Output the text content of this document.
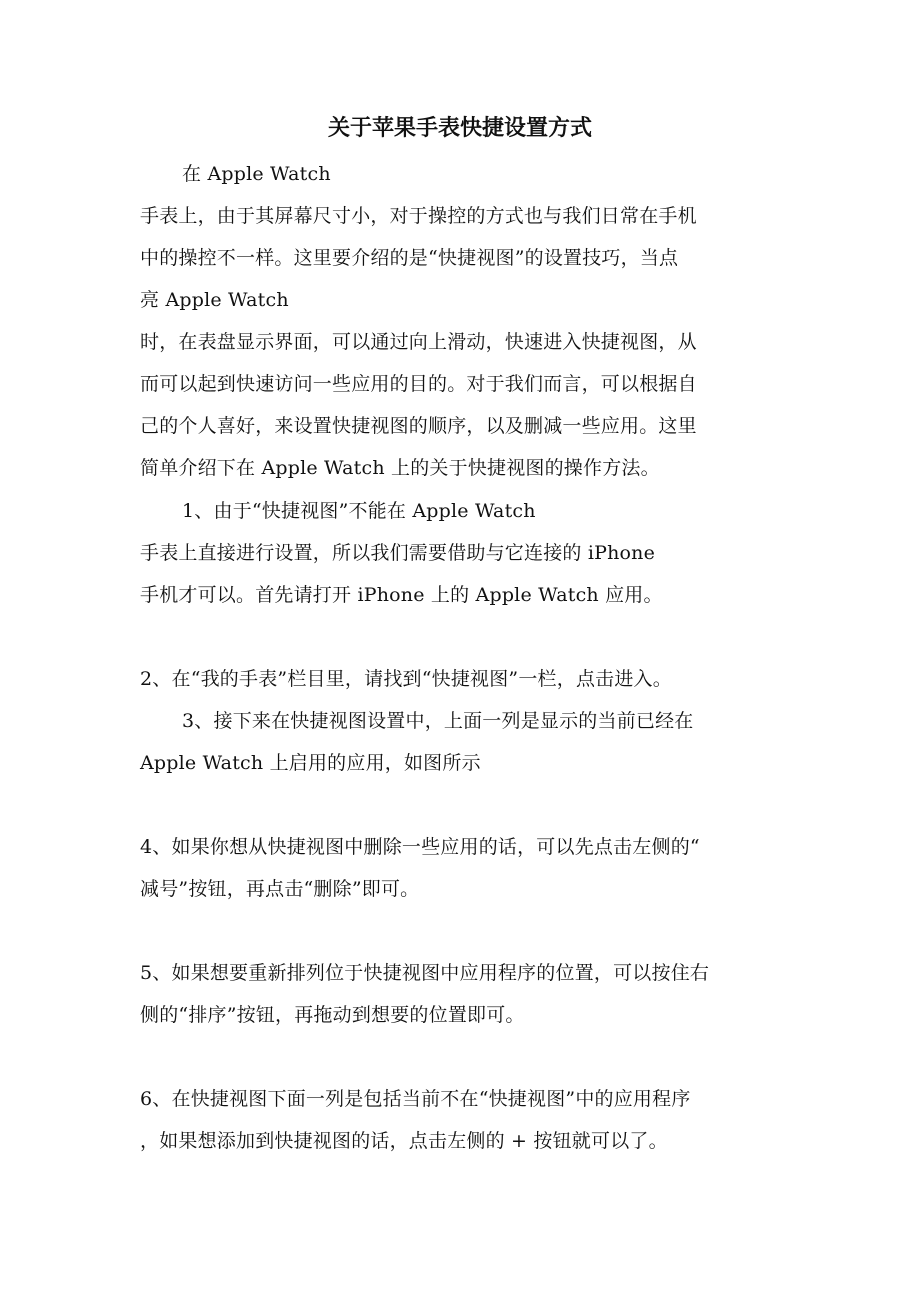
关于苹果手表快捷设置方式

在 Apple Watch

手表上，由于其屏幕尺寸小，对于操控的方式也与我们日常在手机

中的操控不一样。这里要介绍的是“快捷视图”的设置技巧，当点

亮 Apple Watch

时，在表盘显示界面，可以通过向上滑动，快速进入快捷视图，从

而可以起到快速访问一些应用的目的。对于我们而言，可以根据自

己的个人喜好，来设置快捷视图的顺序，以及删减一些应用。这里

简单介绍下在 Apple Watch 上的关于快捷视图的操作方法。

1、由于“快捷视图”不能在 Apple Watch

手表上直接进行设置，所以我们需要借助与它连接的 iPhone

手机才可以。首先请打开 iPhone 上的 Apple Watch 应用。

2、在“我的手表”栏目里，请找到“快捷视图”一栏，点击进入。

3、接下来在快捷视图设置中，上面一列是显示的当前已经在

Apple Watch 上启用的应用，如图所示

4、如果你想从快捷视图中删除一些应用的话，可以先点击左侧的“

减号”按钮，再点击“删除”即可。

5、如果想要重新排列位于快捷视图中应用程序的位置，可以按住右

侧的“排序”按钮，再拖动到想要的位置即可。

6、在快捷视图下面一列是包括当前不在“快捷视图”中的应用程序

，如果想添加到快捷视图的话，点击左侧的 + 按钮就可以了。
